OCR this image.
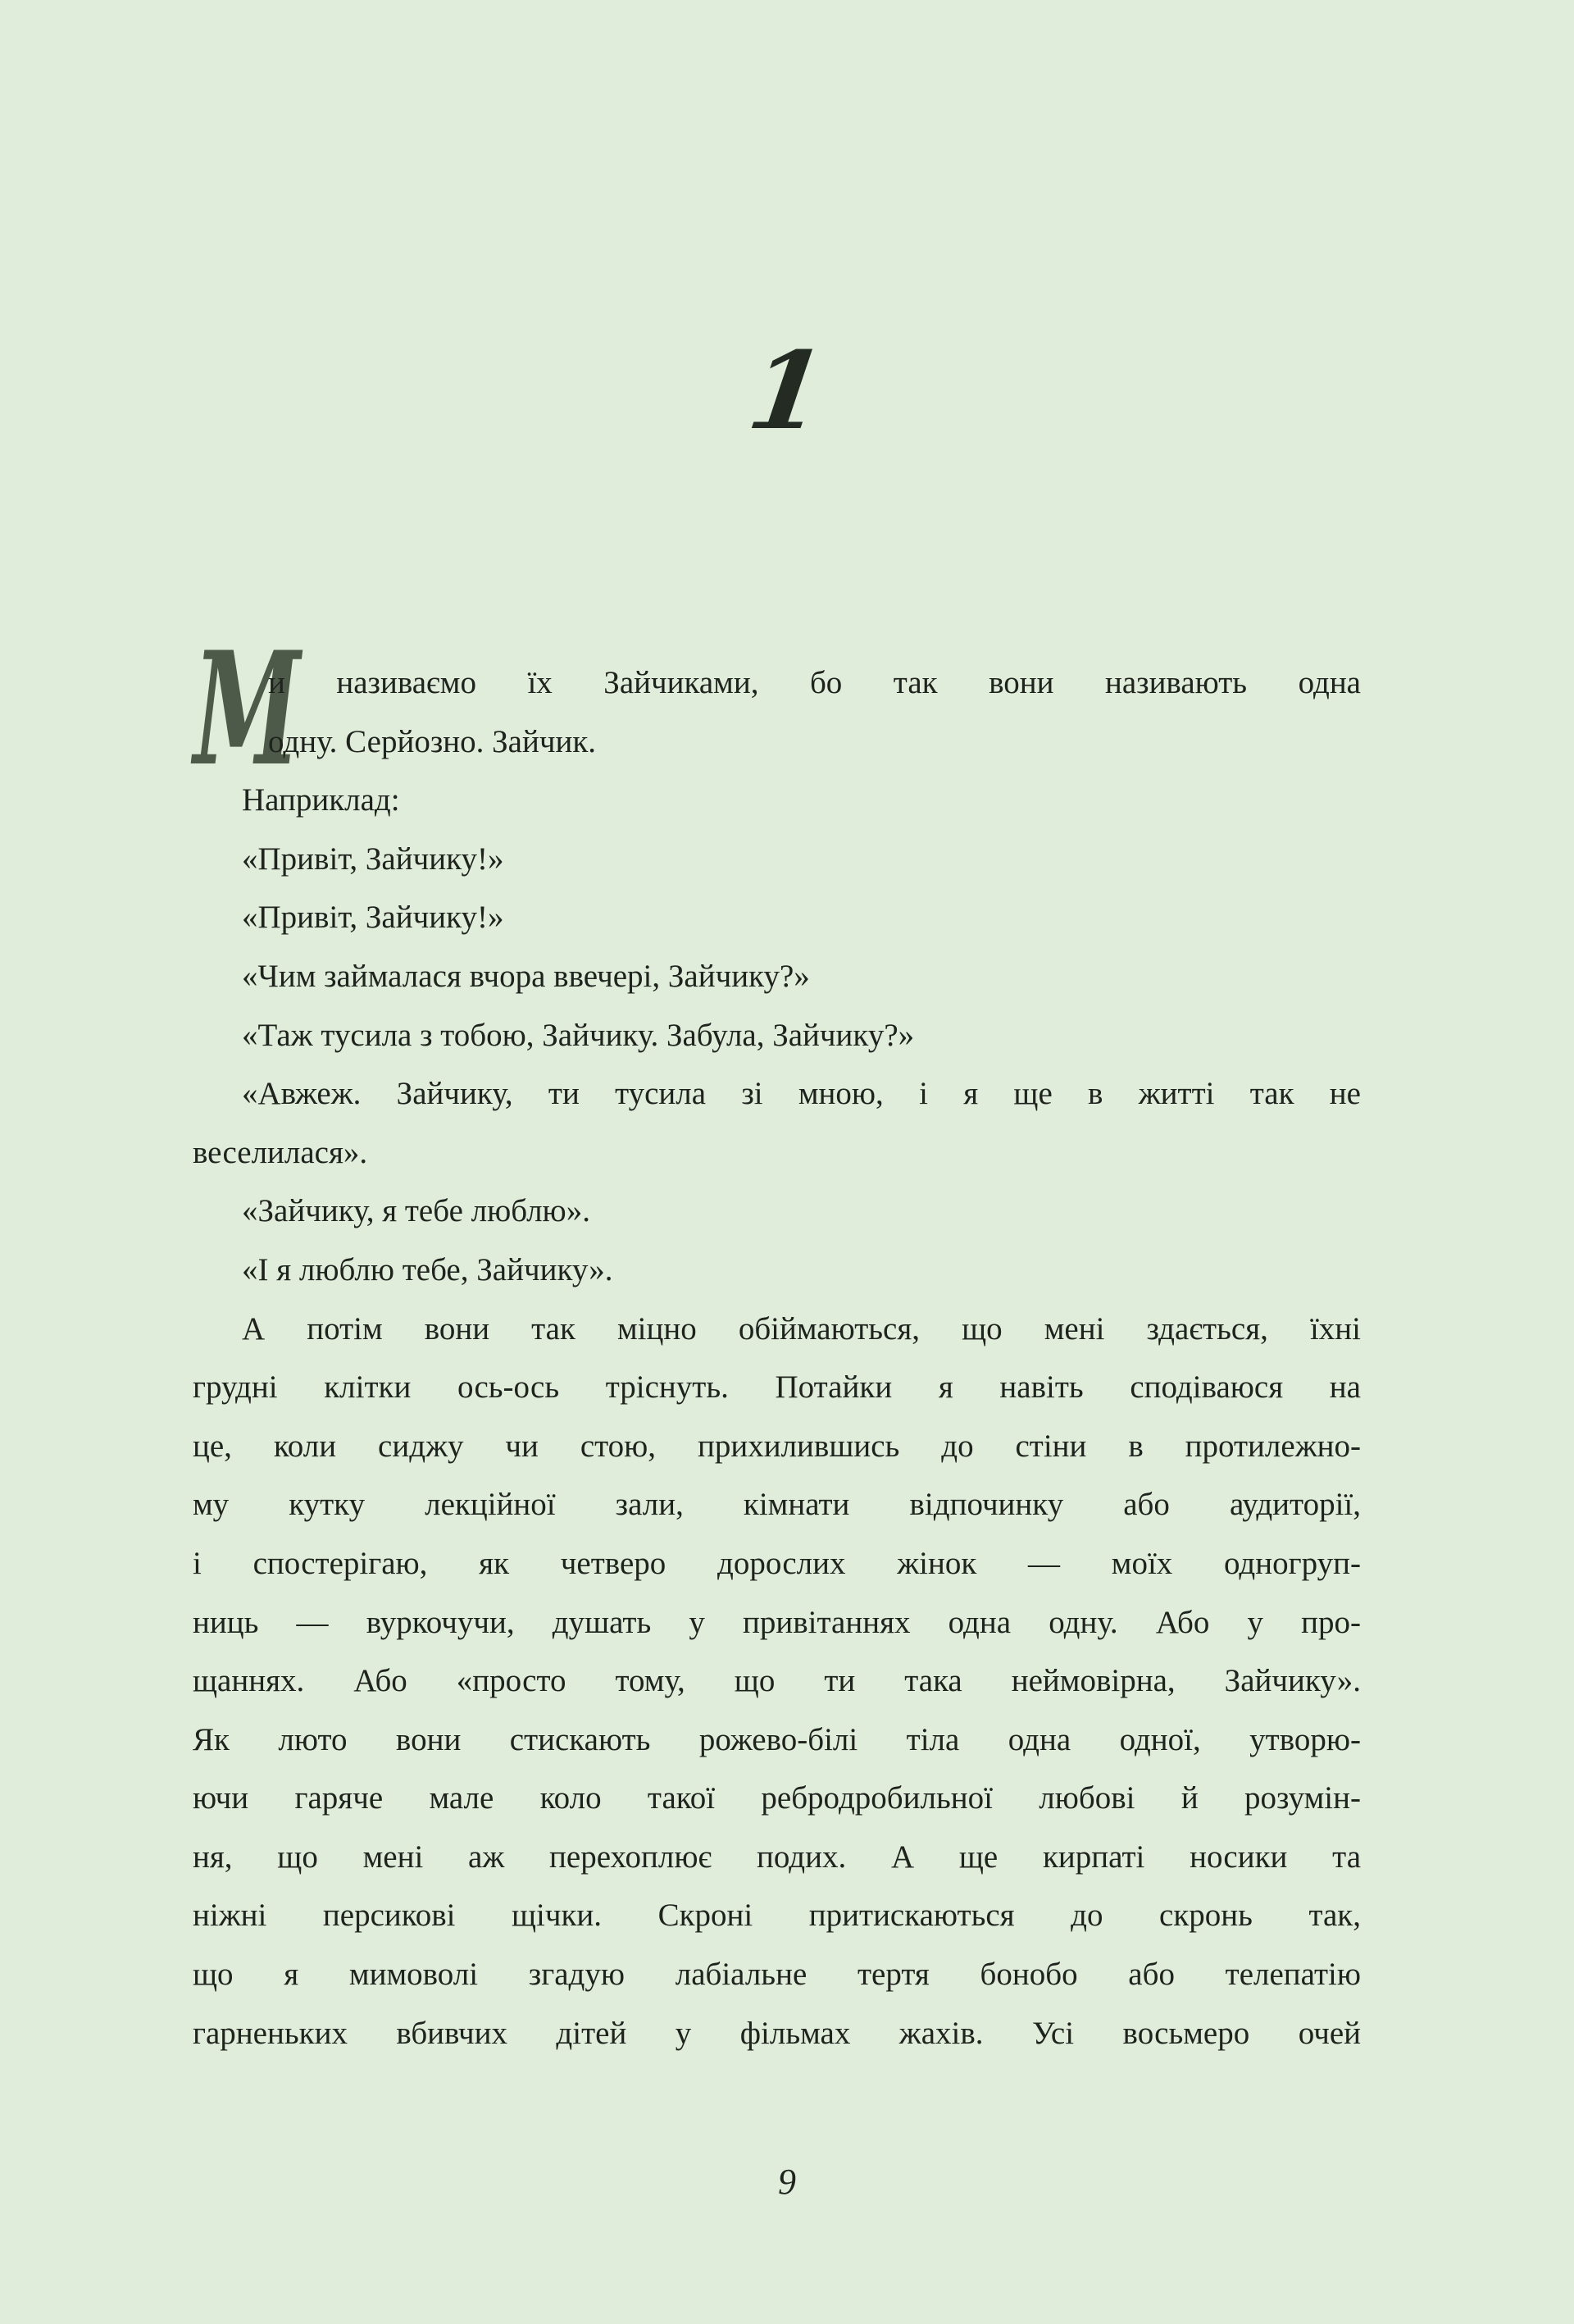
1
М
и називаємо їх Зайчиками, бо так вони називають одна
одну. Серйозно. Зайчик.
Наприклад:
«Привіт, Зайчику!»
«Привіт, Зайчику!»
«Чим займалася вчора ввечері, Зайчику?»
«Таж тусила з тобою, Зайчику. Забула, Зайчику?»
«Авжеж. Зайчику, ти тусила зі мною, і я ще в житті так не
веселилася».
«Зайчику, я тебе люблю».
«І я люблю тебе, Зайчику».
А потім вони так міцно обіймаються, що мені здається, їхні
грудні клітки ось-ось тріснуть. Потайки я навіть сподіваюся на
це, коли сиджу чи стою, прихилившись до стіни в протилежно-
му кутку лекційної зали, кімнати відпочинку або аудиторії,
і спостерігаю, як четверо дорослих жінок — моїх одногруп-
ниць — вуркочучи, душать у привітаннях одна одну. Або у про-
щаннях. Або «просто тому, що ти така неймовірна, Зайчику».
Як люто вони стискають рожево-білі тіла одна одної, утворю-
ючи гаряче мале коло такої ребродробильної любові й розумін-
ня, що мені аж перехоплює подих. А ще кирпаті носики та
ніжні персикові щічки. Скроні притискаються до скронь так,
що я мимоволі згадую лабіальне тертя бонобо або телепатію
гарненьких вбивчих дітей у фільмах жахів. Усі восьмеро очей
9
